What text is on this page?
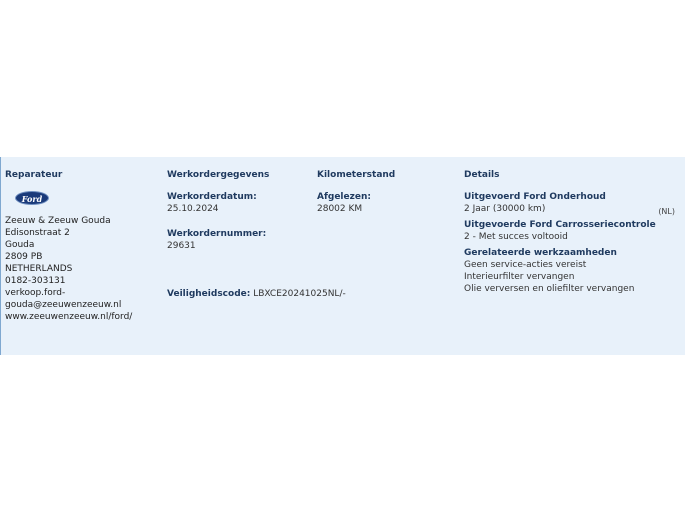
Reparateur
Ford
Zeeuw & Zeeuw Gouda
Edisonstraat 2
Gouda
2809 PB
NETHERLANDS
0182-303131
verkoop.ford-
gouda@zeeuwenzeeuw.nl
www.zeeuwenzeeuw.nl/ford/
Werkordergegevens
Werkorderdatum:
25.10.2024
Werkordernummer:
29631
Veiligheidscode: LBXCE20241025NL/-
Kilometerstand
Afgelezen:
28002 KM
Details
Uitgevoerd Ford Onderhoud
2 Jaar (30000 km)
Uitgevoerde Ford Carrosseriecontrole
2 - Met succes voltooid
Gerelateerde werkzaamheden
Geen service-acties vereist
Interieurfilter vervangen
Olie verversen en oliefilter vervangen
(NL)
